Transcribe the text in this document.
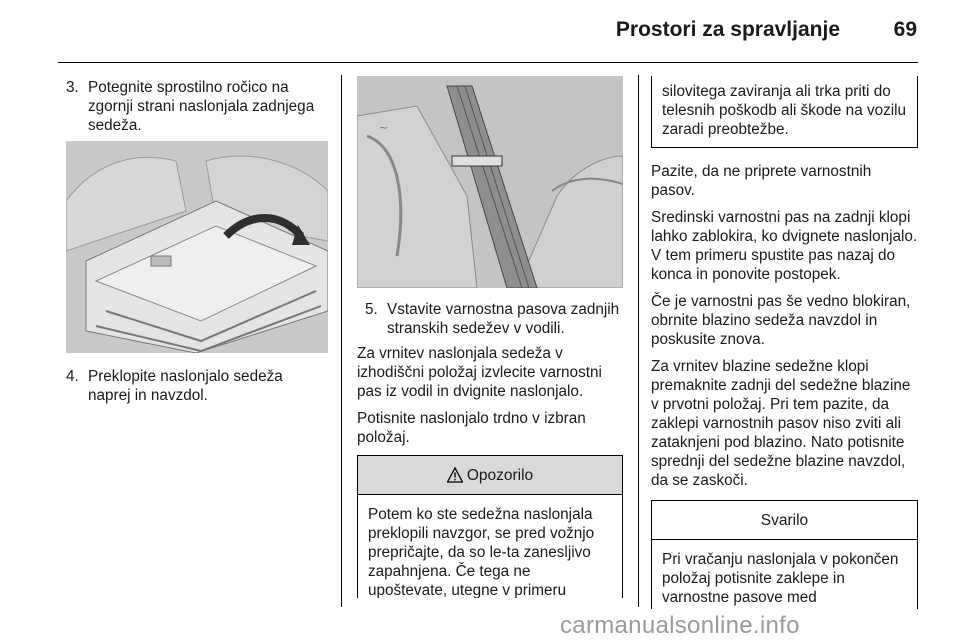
Prostori za spravljanje	69
3. Potegnite sprostilno ročico na zgornji strani naslonjala zadnjega sedeža.
4. Preklopite naslonjalo sedeža naprej in navzdol.
~
5. Vstavite varnostna pasova zadnjih stranskih sedežev v vodili.

Za vrnitev naslonjala sedeža v izhodiščni položaj izvlecite varnostni pas iz vodil in dvignite naslonjalo.

Potisnite naslonjalo trdno v izbran položaj.

Opozorilo
Potem ko ste sedežna naslonjala preklopili navzgor, se pred vožnjo prepričajte, da so le-ta zanesljivo zapahnjena. Če tega ne upoštevate, utegne v primeru
silovitega zaviranja ali trka priti do telesnih poškodb ali škode na vozilu zaradi preobtežbe.

Pazite, da ne priprete varnostnih pasov.

Sredinski varnostni pas na zadnji klopi lahko zablokira, ko dvignete naslonjalo. V tem primeru spustite pas nazaj do konca in ponovite postopek.

Če je varnostni pas še vedno blokiran, obrnite blazino sedeža navzdol in poskusite znova.

Za vrnitev blazine sedežne klopi premaknite zadnji del sedežne blazine v prvotni položaj. Pri tem pazite, da zaklepi varnostnih pasov niso zviti ali zataknjeni pod blazino. Nato potisnite sprednji del sedežne blazine navzdol, da se zaskoči.

Svarilo
Pri vračanju naslonjala v pokončen položaj potisnite zaklepe in varnostne pasove med
carmanualsonline.info
